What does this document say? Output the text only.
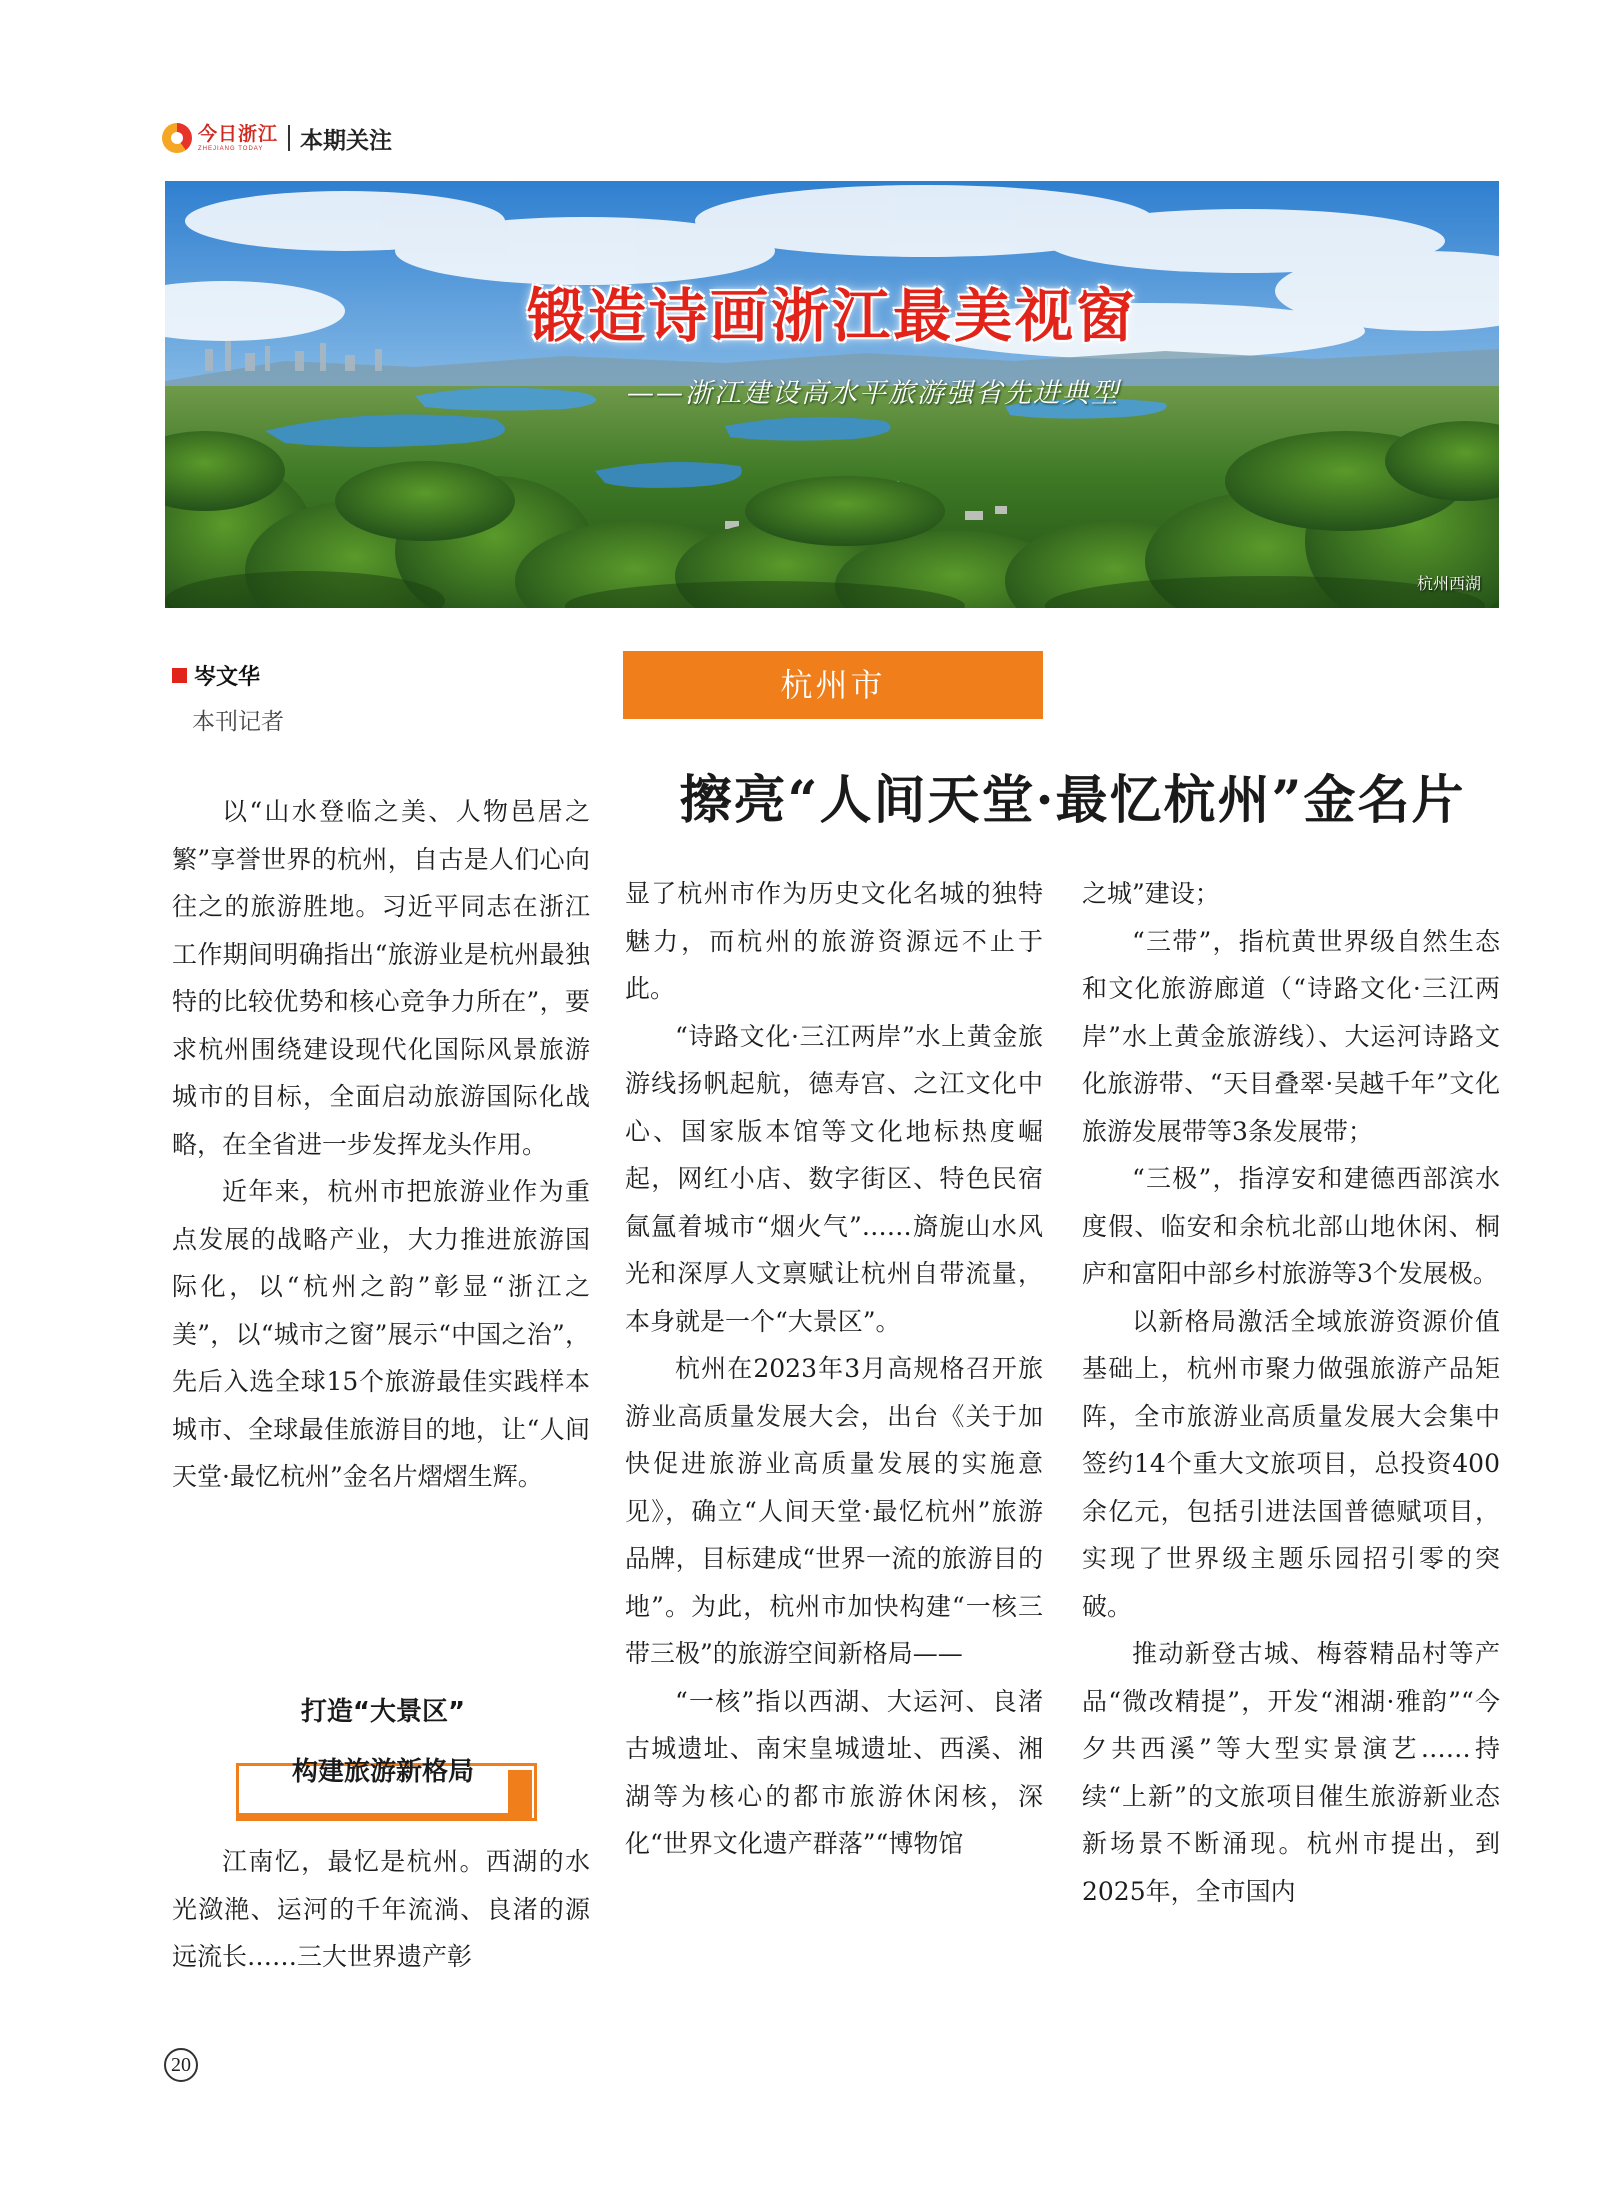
今日浙江
ZHEJIANG TODAY	本期关注
锻造诗画浙江最美视窗
——浙江建设高水平旅游强省先进典型
杭州西湖
岑文华
本刊记者
杭州市
擦亮“人间天堂·最忆杭州”金名片

以“山水登临之美、人物邑居之繁”享誉世界的杭州，自古是人们心向往之的旅游胜地。习近平同志在浙江工作期间明确指出“旅游业是杭州最独特的比较优势和核心竞争力所在”，要求杭州围绕建设现代化国际风景旅游城市的目标，全面启动旅游国际化战略，在全省进一步发挥龙头作用。

近年来，杭州市把旅游业作为重点发展的战略产业，大力推进旅游国际化，以“杭州之韵”彰显“浙江之美”，以“城市之窗”展示“中国之治”，先后入选全球15个旅游最佳实践样本城市、全球最佳旅游目的地，让“人间天堂·最忆杭州”金名片熠熠生辉。

打造“大景区”
构建旅游新格局

江南忆，最忆是杭州。西湖的水光潋滟、运河的千年流淌、良渚的源远流长……三大世界遗产彰

显了杭州市作为历史文化名城的独特魅力，而杭州的旅游资源远不止于此。

“诗路文化·三江两岸”水上黄金旅游线扬帆起航，德寿宫、之江文化中心、国家版本馆等文化地标热度崛起，网红小店、数字街区、特色民宿氤氲着城市“烟火气”……旖旎山水风光和深厚人文禀赋让杭州自带流量，本身就是一个“大景区”。

杭州在2023年3月高规格召开旅游业高质量发展大会，出台《关于加快促进旅游业高质量发展的实施意见》，确立“人间天堂·最忆杭州”旅游品牌，目标建成“世界一流的旅游目的地”。为此，杭州市加快构建“一核三带三极”的旅游空间新格局——

“一核”指以西湖、大运河、良渚古城遗址、南宋皇城遗址、西溪、湘湖等为核心的都市旅游休闲核，深化“世界文化遗产群落”“博物馆

之城”建设；

“三带”，指杭黄世界级自然生态和文化旅游廊道（“诗路文化·三江两岸”水上黄金旅游线）、大运河诗路文化旅游带、“天目叠翠·吴越千年”文化旅游发展带等3条发展带；

“三极”，指淳安和建德西部滨水度假、临安和余杭北部山地休闲、桐庐和富阳中部乡村旅游等3个发展极。

以新格局激活全域旅游资源价值基础上，杭州市聚力做强旅游产品矩阵，全市旅游业高质量发展大会集中签约14个重大文旅项目，总投资400余亿元，包括引进法国普德赋项目，实现了世界级主题乐园招引零的突破。

推动新登古城、梅蓉精品村等产品“微改精提”，开发“湘湖·雅韵”“今夕共西溪”等大型实景演艺……持续“上新”的文旅项目催生旅游新业态新场景不断涌现。杭州市提出，到2025年，全市国内

20
